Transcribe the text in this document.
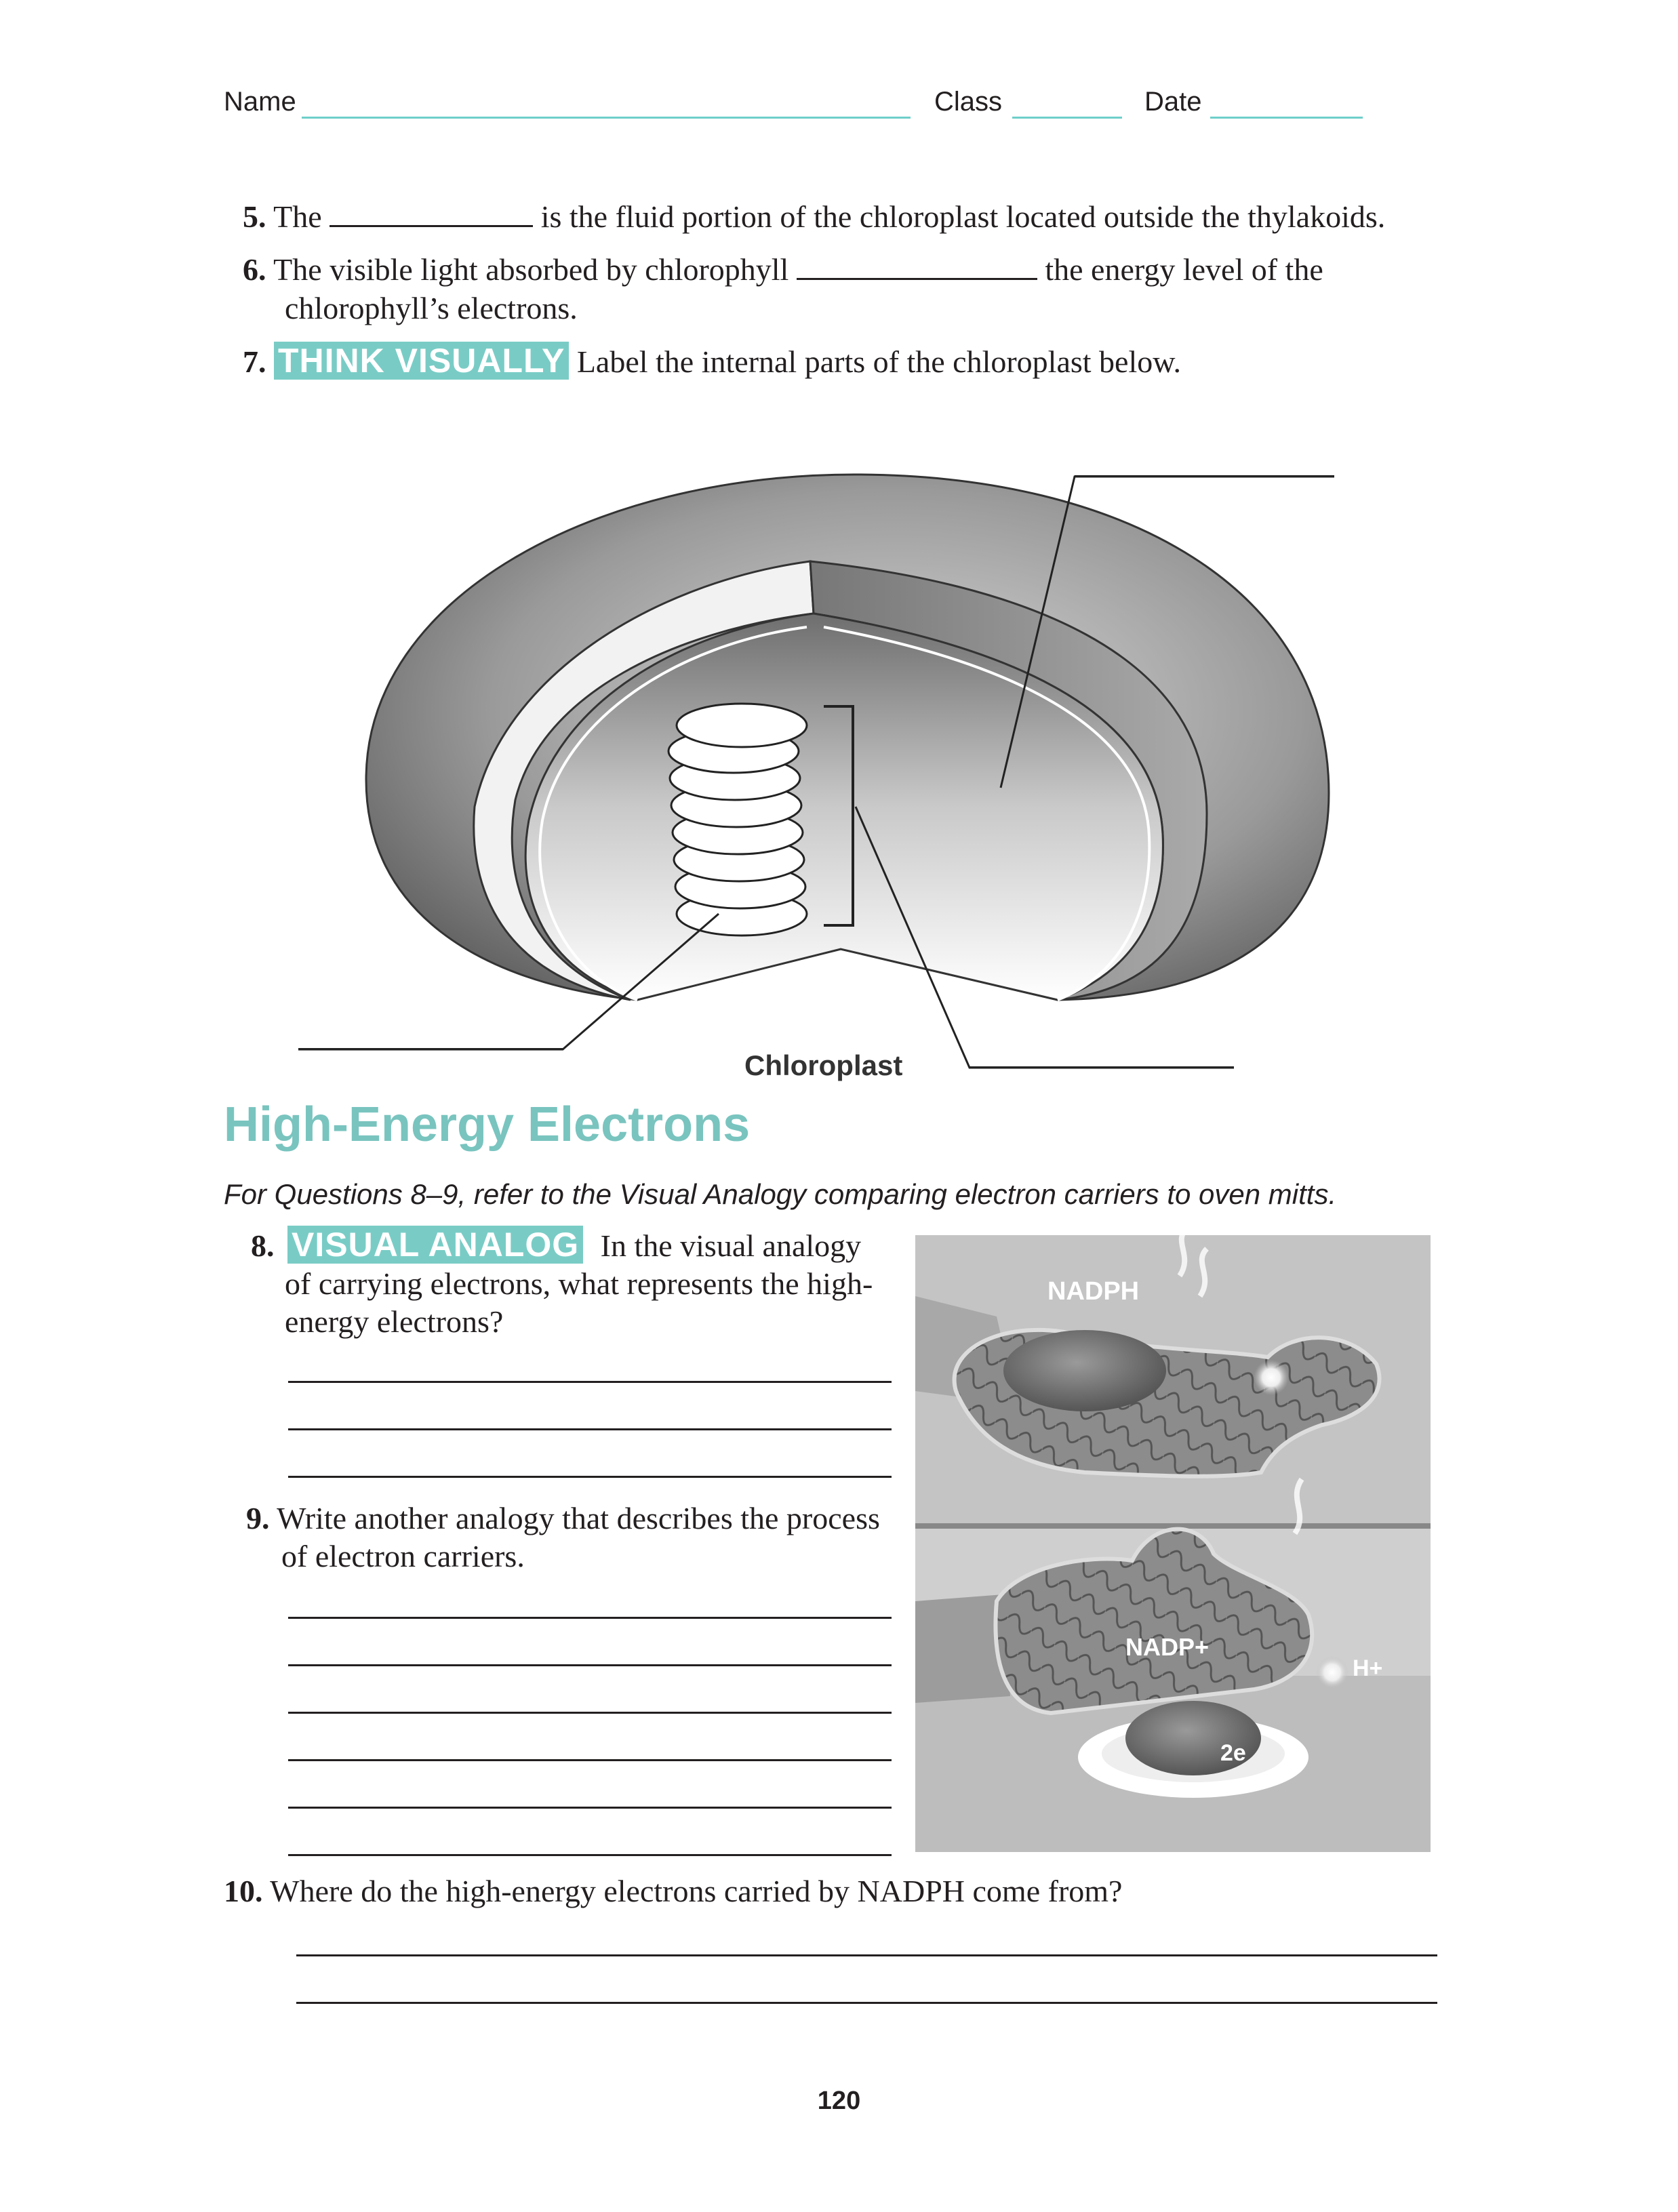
Name	Class	Date
5. The	is the fluid portion of the chloroplast located outside the thylakoids.
6. The visible light absorbed by chlorophyll	the energy level of the
chlorophyll’s electrons.
7. THINK VISUALLY Label the internal parts of the chloroplast below.
Chloroplast
High-Energy Electrons
For Questions 8–9, refer to the Visual Analogy comparing electron carriers to oven mitts.
8. VISUAL ANALOG In the visual analogy
of carrying electrons, what represents the high-
energy electrons?
9. Write another analogy that describes the process
of electron carriers.
NADPH
NADP+
H+
2e
10. Where do the high-energy electrons carried by NADPH come from?
120
